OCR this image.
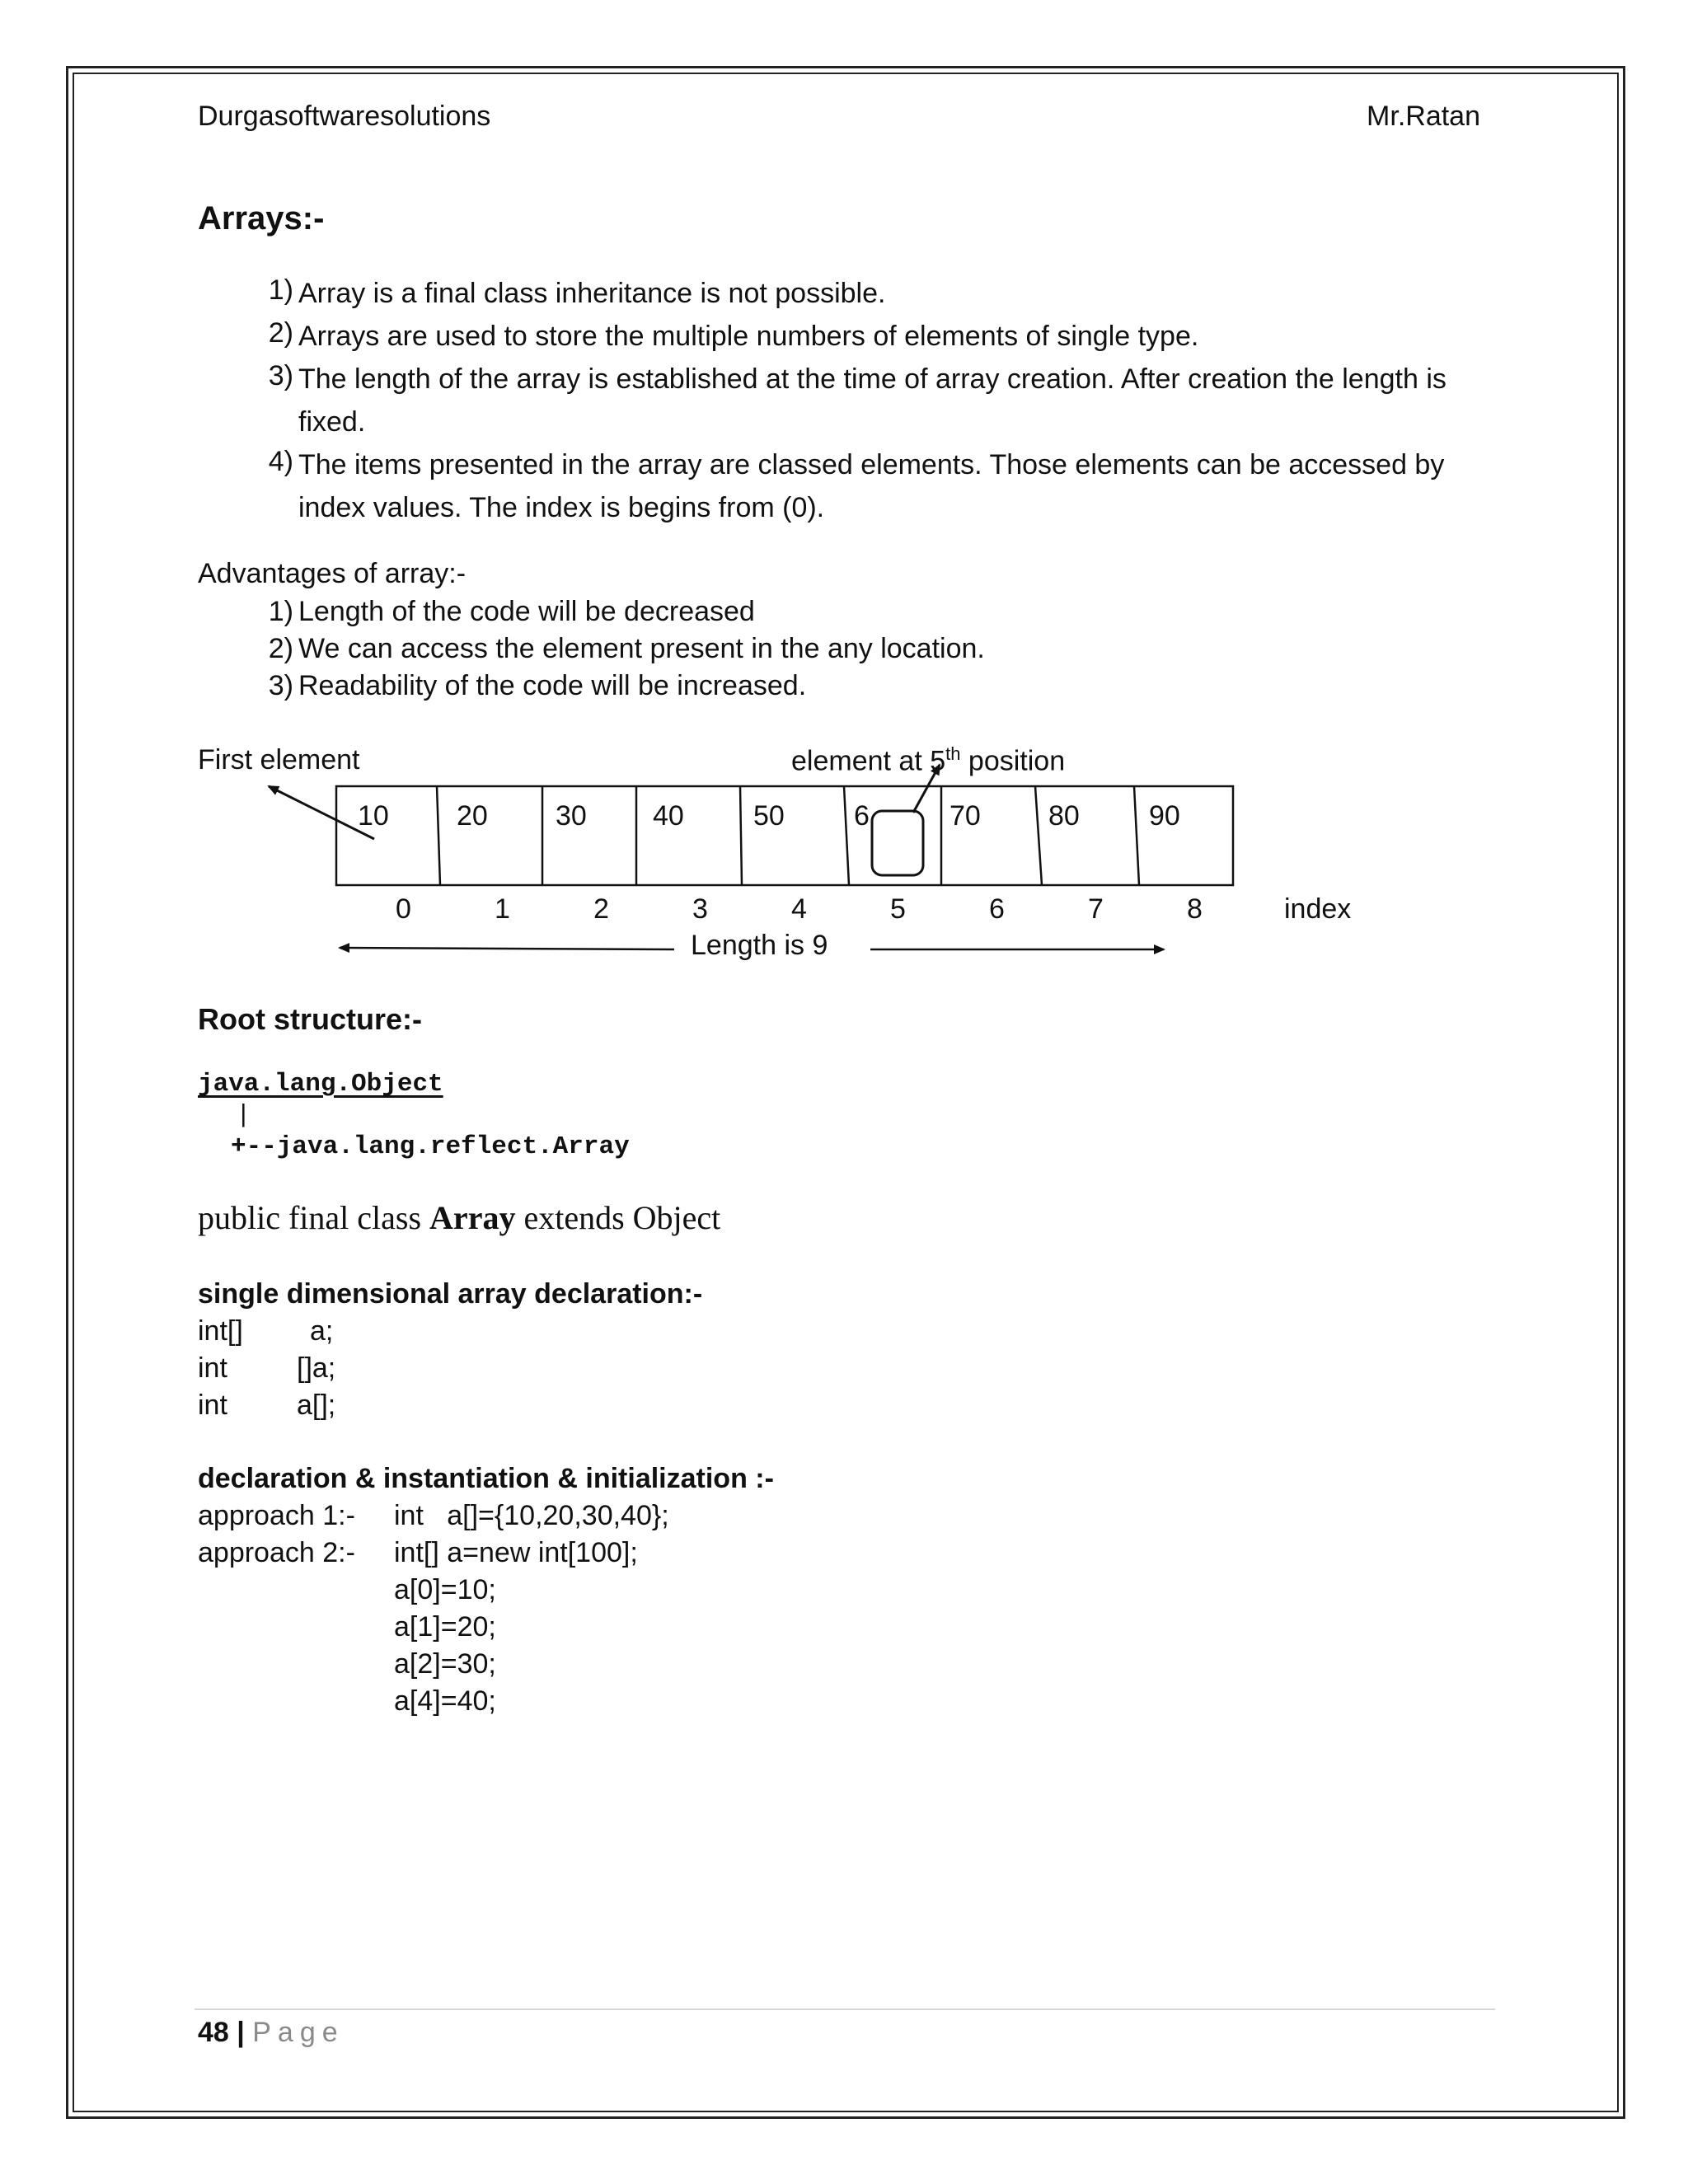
Durgasoftwaresolutions	Mr.Ratan
Arrays:-
1) Array is a final class inheritance is not possible.
2) Arrays are used to store the multiple numbers of elements of single type.
3) The length of the array is established at the time of array creation. After creation the length is fixed.
4) The items presented in the array are classed elements. Those elements can be accessed by index values. The index is begins from (0).
Advantages of array:-
1) Length of the code will be decreased
2) We can access the element present in the any location.
3) Readability of the code will be increased.
First element	element at 5th position
10 20 30 40 50 6	70 80 90
0	1	2	3	4	5	6	7	8	index
Length is 9
Root structure:-
java.lang.Object
|
+--java.lang.reflect.Array
public final class Array extends Object
single dimensional array declaration:-
int[] a;
int []a;
int a[];
declaration & instantiation & initialization :-
approach 1:- int   a[]={10,20,30,40};
approach 2:- int[] a=new int[100];
a[0]=10;
a[1]=20;
a[2]=30;
a[4]=40;
48 | Page
